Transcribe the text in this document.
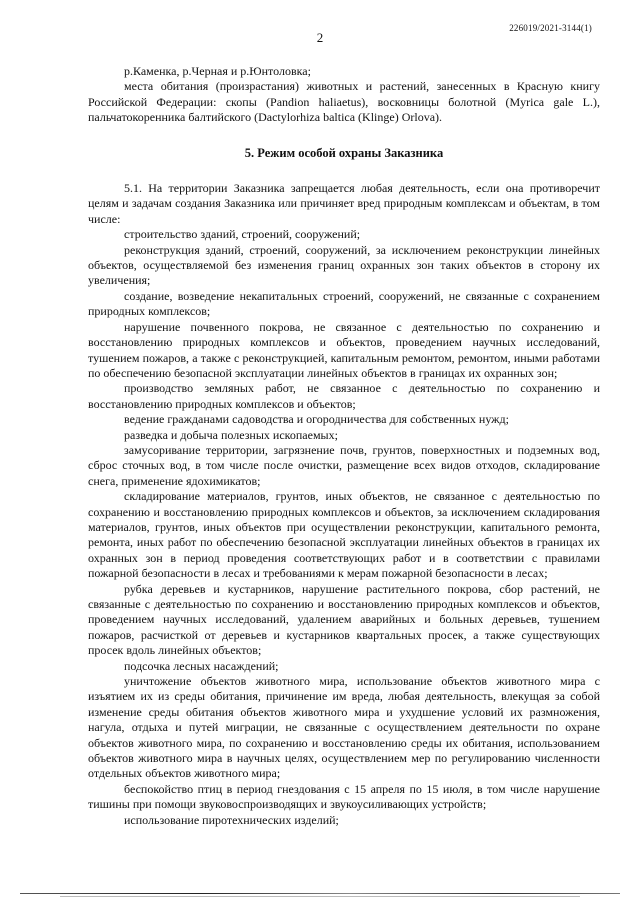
2
226019/2021-3144(1)

р.Каменка, р.Черная и р.Юнтоловка;

места обитания (произрастания) животных и растений, занесенных в Красную книгу Российской Федерации: скопы (Pandion haliaetus), восковницы болотной (Myrica gale L.), пальчатокоренника балтийского (Dactylorhiza baltica (Klinge) Orlova).

5. Режим особой охраны Заказника

5.1. На территории Заказника запрещается любая деятельность, если она противоречит целям и задачам создания Заказника или причиняет вред природным комплексам и объектам, в том числе:

строительство зданий, строений, сооружений;

реконструкция зданий, строений, сооружений, за исключением реконструкции линейных объектов, осуществляемой без изменения границ охранных зон таких объектов в сторону их увеличения;

создание, возведение некапитальных строений, сооружений, не связанные с сохранением природных комплексов;

нарушение почвенного покрова, не связанное с деятельностью по сохранению и восстановлению природных комплексов и объектов, проведением научных исследований, тушением пожаров, а также с реконструкцией, капитальным ремонтом, ремонтом, иными работами по обеспечению безопасной эксплуатации линейных объектов в границах их охранных зон;

производство земляных работ, не связанное с деятельностью по сохранению и восстановлению природных комплексов и объектов;

ведение гражданами садоводства и огородничества для собственных нужд;

разведка и добыча полезных ископаемых;

замусоривание территории, загрязнение почв, грунтов, поверхностных и подземных вод, сброс сточных вод, в том числе после очистки, размещение всех видов отходов, складирование снега, применение ядохимикатов;

складирование материалов, грунтов, иных объектов, не связанное с деятельностью по сохранению и восстановлению природных комплексов и объектов, за исключением складирования материалов, грунтов, иных объектов при осуществлении реконструкции, капитального ремонта, ремонта, иных работ по обеспечению безопасной эксплуатации линейных объектов в границах их охранных зон в период проведения соответствующих работ и в соответствии с правилами пожарной безопасности в лесах и требованиями к мерам пожарной безопасности в лесах;

рубка деревьев и кустарников, нарушение растительного покрова, сбор растений, не связанные с деятельностью по сохранению и восстановлению природных комплексов и объектов, проведением научных исследований, удалением аварийных и больных деревьев, тушением пожаров, расчисткой от деревьев и кустарников квартальных просек, а также существующих просек вдоль линейных объектов;

подсочка лесных насаждений;

уничтожение объектов животного мира, использование объектов животного мира с изъятием их из среды обитания, причинение им вреда, любая деятельность, влекущая за собой изменение среды обитания объектов животного мира и ухудшение условий их размножения, нагула, отдыха и путей миграции, не связанные с осуществлением деятельности по охране объектов животного мира, по сохранению и восстановлению среды их обитания, использованием объектов животного мира в научных целях, осуществлением мер по регулированию численности отдельных объектов животного мира;

беспокойство птиц в период гнездования с 15 апреля по 15 июля, в том числе нарушение тишины при помощи звуковоспроизводящих и звукоусиливающих устройств;

использование пиротехнических изделий;
